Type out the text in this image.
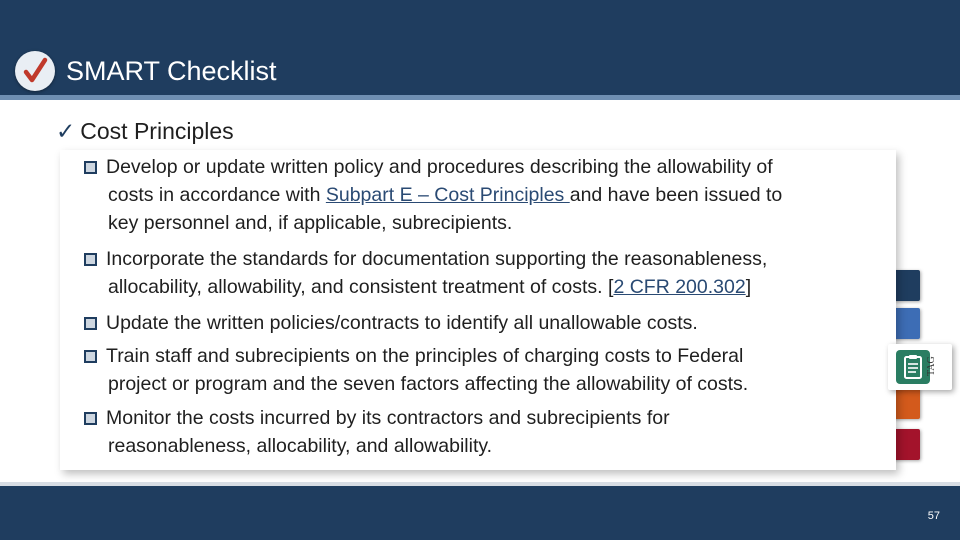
SMART Checklist
✓ Cost Principles
TAG
Develop or update written policy and procedures describing the allowability of
costs in accordance with Subpart E – Cost Principles and have been issued to
key personnel and, if applicable, subrecipients.
Incorporate the standards for documentation supporting the reasonableness,
allocability, allowability, and consistent treatment of costs. [2 CFR 200.302]
Update the written policies/contracts to identify all unallowable costs.
Train staff and subrecipients on the principles of charging costs to Federal
project or program and the seven factors affecting the allowability of costs.
Monitor the costs incurred by its contractors and subrecipients for
reasonableness, allocability, and allowability.
57
